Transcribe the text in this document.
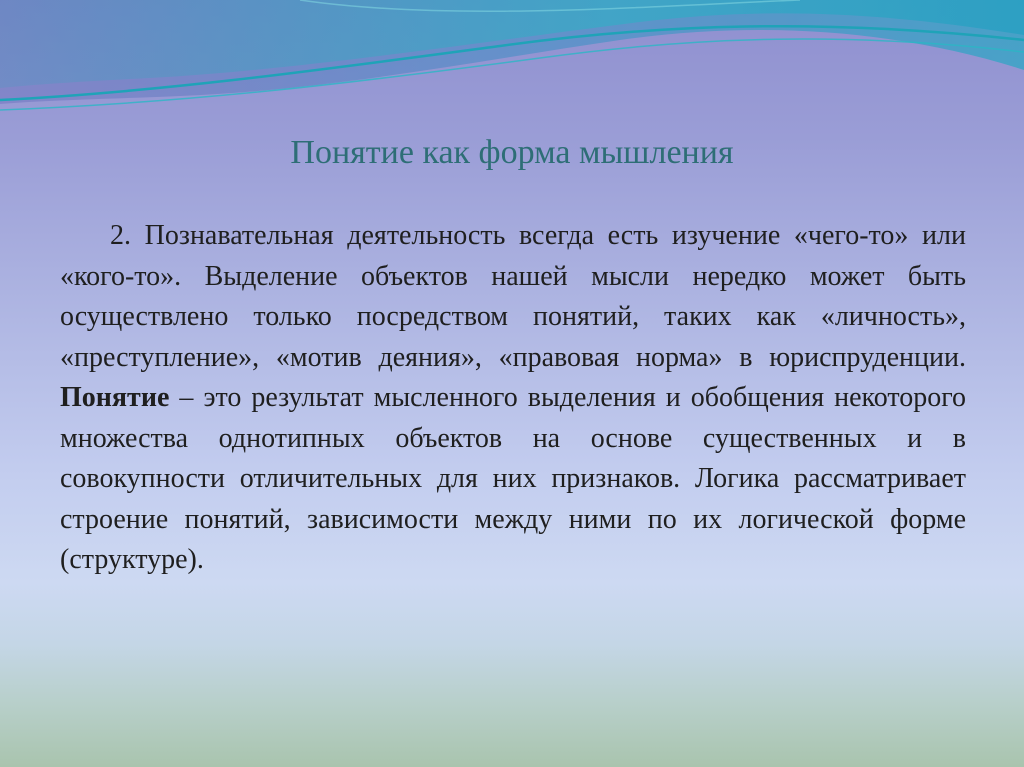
Понятие как форма мышления

2. Познавательная деятельность всегда есть изучение «чего-то» или «кого-то». Выделение объектов нашей мысли нередко может быть осуществлено только посредством понятий, таких как «личность», «преступление», «мотив деяния», «правовая норма» в юриспруденции. Понятие – это результат мысленного выделения и обобщения некоторого множества однотипных объектов на основе существенных и в совокупности отличительных для них признаков. Логика рассматривает строение понятий, зависимости между ними по их логической форме (структуре).
